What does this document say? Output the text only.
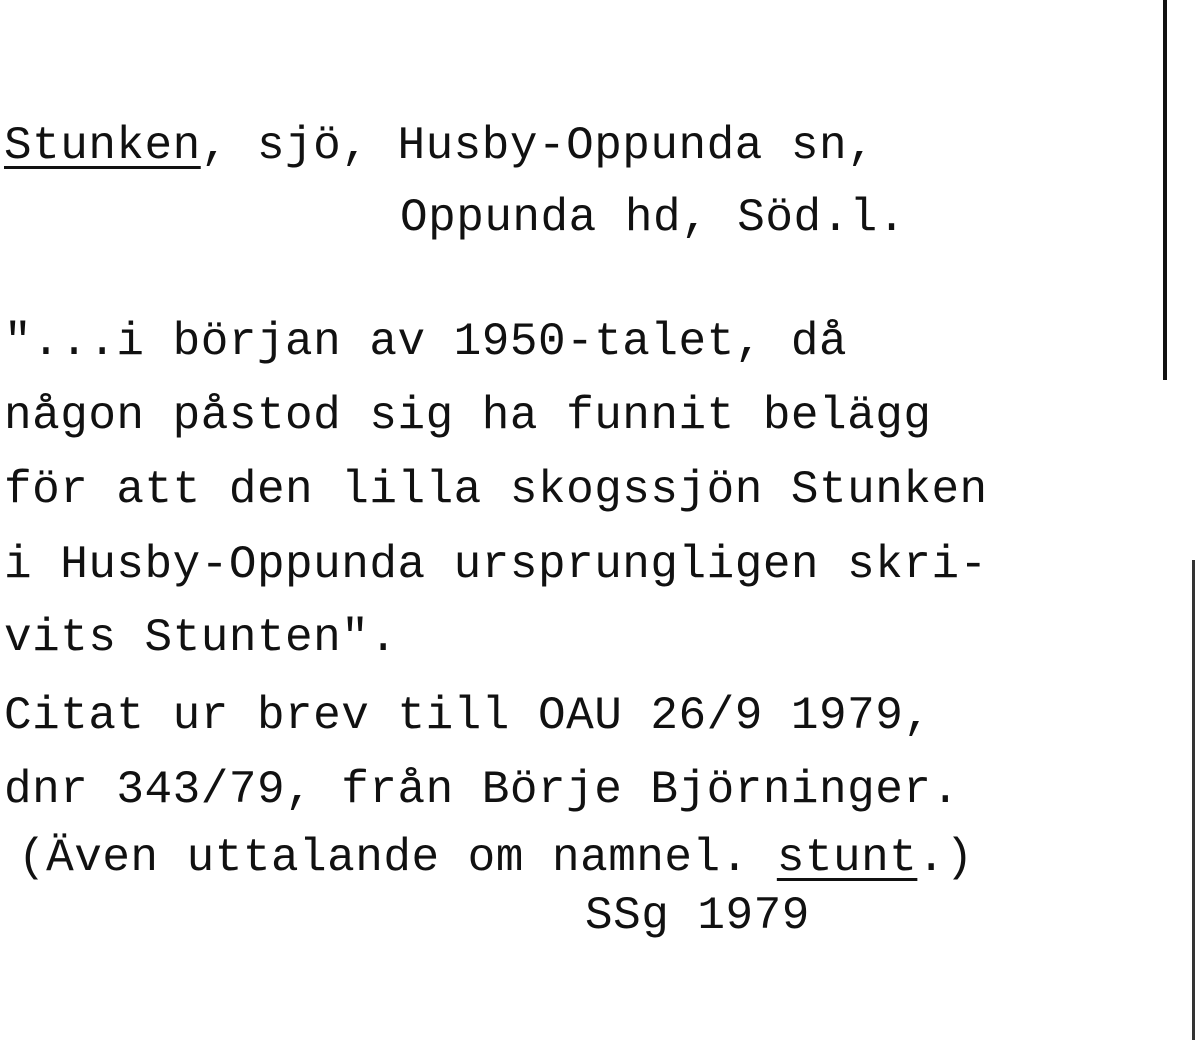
Stunken, sjö, Husby-Oppunda sn,
Oppunda hd, Söd.l.
"...i början av 1950-talet, då
någon påstod sig ha funnit belägg
för att den lilla skogssjön Stunken
i Husby-Oppunda ursprungligen skri-
vits Stunten".
Citat ur brev till OAU 26/9 1979,
dnr 343/79, från Börje Björninger.
(Även uttalande om namnel. stunt.)
SSg 1979
